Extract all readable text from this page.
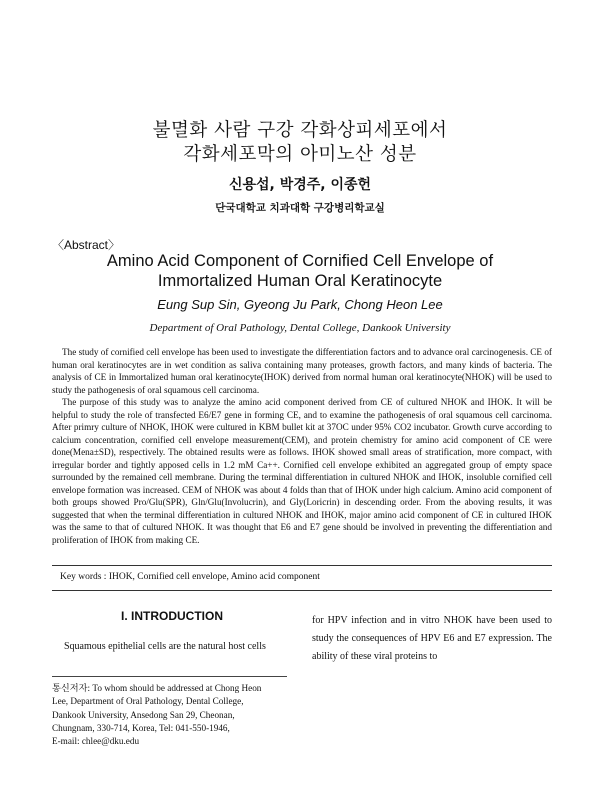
불멸화 사람 구강 각화상피세포에서
각화세포막의 아미노산 성분
신용섭, 박경주, 이종헌
단국대학교 치과대학 구강병리학교실
〈Abstract〉
Amino Acid Component of Cornified Cell Envelope of
Immortalized Human Oral Keratinocyte
Eung Sup Sin, Gyeong Ju Park, Chong Heon Lee
Department of Oral Pathology, Dental College, Dankook University

The study of cornified cell envelope has been used to investigate the differentiation factors and to advance oral carcinogenesis. CE of human oral keratinocytes are in wet condition as saliva containing many proteases, growth factors, and many kinds of bacteria. The analysis of CE in Immortalized human oral keratinocyte(IHOK) derived from normal human oral keratinocyte(NHOK) will be used to study the pathogenesis of oral squamous cell carcinoma.

The purpose of this study was to analyze the amino acid component derived from CE of cultured NHOK and IHOK. It will be helpful to study the role of transfected E6/E7 gene in forming CE, and to examine the pathogenesis of oral squamous cell carcinoma. After primry culture of NHOK, IHOK were cultured in KBM bullet kit at 37OC under 95% CO2 incubator. Growth curve according to calcium concentration, cornified cell envelope measurement(CEM), and protein chemistry for amino acid component of CE were done(Mena±SD), respectively. The obtained results were as follows. IHOK showed small areas of stratification, more compact, with irregular border and tightly apposed cells in 1.2 mM Ca++. Cornified cell envelope exhibited an aggregated group of empty space surrounded by the remained cell membrane. During the terminal differentiation in cultured NHOK and IHOK, insoluble cornified cell envelope formation was increased. CEM of NHOK was about 4 folds than that of IHOK under high calcium. Amino acid component of both groups showed Pro/Glu(SPR), Gln/Glu(Involucrin), and Gly(Loricrin) in descending order. From the aboving results, it was suggested that when the terminal differentiation in cultured NHOK and IHOK, major amino acid component of CE in cultured IHOK was the same to that of cultured NHOK. It was thought that E6 and E7 gene should be involved in preventing the differentiation and proliferation of IHOK from making CE.

Key words : IHOK, Cornified cell envelope, Amino acid component
I. INTRODUCTION
Squamous epithelial cells are the natural host cells
for HPV infection and in vitro NHOK have been used to study the consequences of HPV E6 and E7 expression. The ability of these viral proteins to
통신저자: To whom should be addressed at Chong Heon
Lee, Department of Oral Pathology, Dental College,
Dankook University, Ansedong San 29, Cheonan,
Chungnam, 330-714, Korea, Tel: 041-550-1946,
E-mail: chlee@dku.edu
